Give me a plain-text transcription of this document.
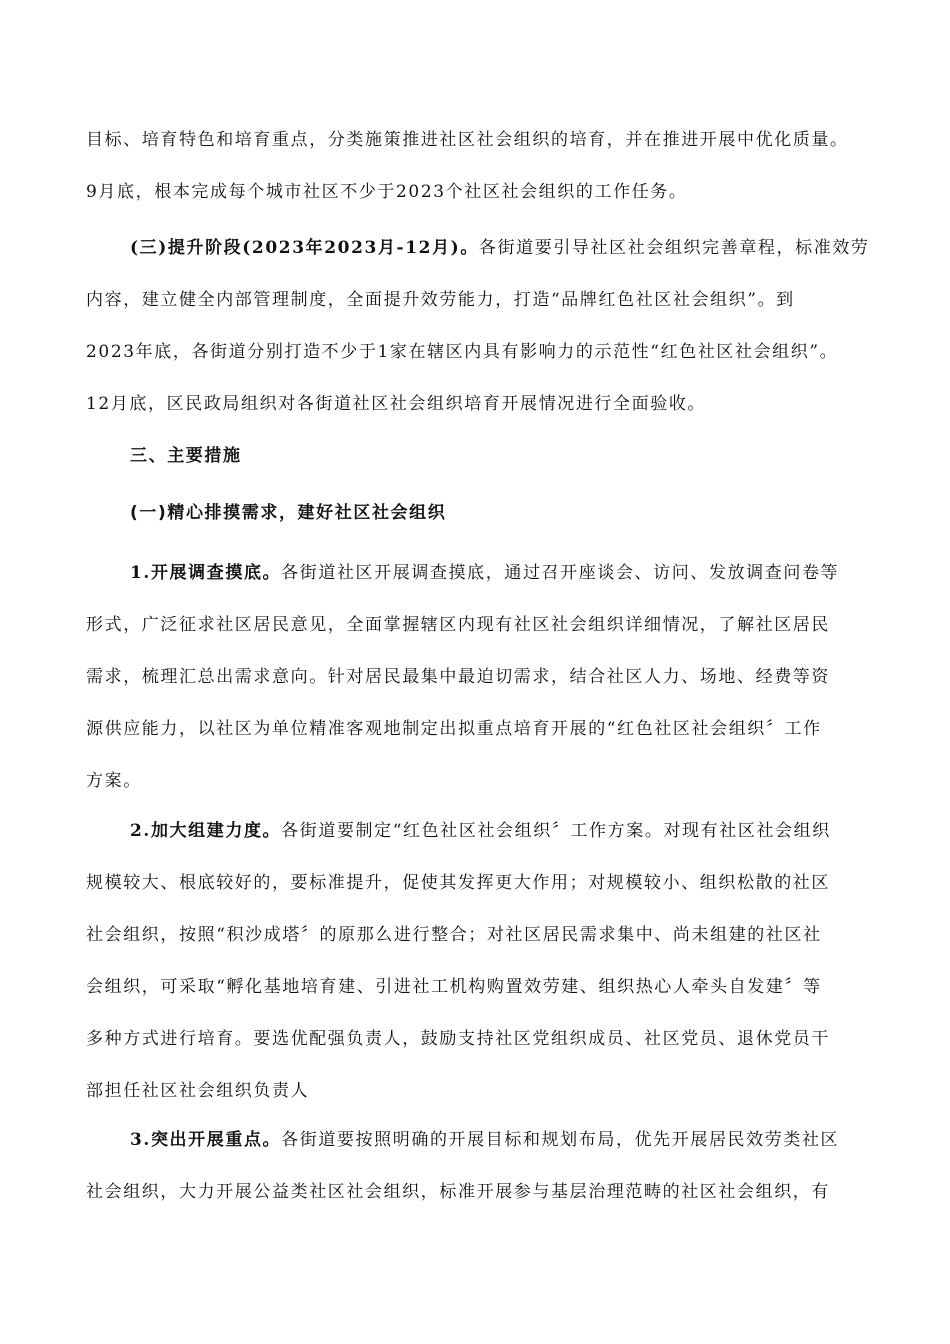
目标、培育特色和培育重点，分类施策推进社区社会组织的培育，并在推进开展中优化质量。
9月底，根本完成每个城市社区不少于2023个社区社会组织的工作任务。
(三)提升阶段(2023年2023月-12月)。各街道要引导社区社会组织完善章程，标准效劳
内容，建立健全内部管理制度，全面提升效劳能力，打造“品牌红色社区社会组织”。到
2023年底，各街道分别打造不少于1家在辖区内具有影响力的示范性“红色社区社会组织”。
12月底，区民政局组织对各街道社区社会组织培育开展情况进行全面验收。
三、主要措施
(一)精心排摸需求，建好社区社会组织
1.开展调查摸底。各街道社区开展调查摸底，通过召开座谈会、访问、发放调查问卷等
形式，广泛征求社区居民意见，全面掌握辖区内现有社区社会组织详细情况，了解社区居民
需求，梳理汇总出需求意向。针对居民最集中最迫切需求，结合社区人力、场地、经费等资
源供应能力，以社区为单位精准客观地制定出拟重点培育开展的“红色社区社会组织〞工作
方案。
2.加大组建力度。各街道要制定“红色社区社会组织〞工作方案。对现有社区社会组织
规模较大、根底较好的，要标准提升，促使其发挥更大作用；对规模较小、组织松散的社区
社会组织，按照“积沙成塔〞的原那么进行整合；对社区居民需求集中、尚未组建的社区社
会组织，可采取“孵化基地培育建、引进社工机构购置效劳建、组织热心人牵头自发建〞等
多种方式进行培育。要选优配强负责人，鼓励支持社区党组织成员、社区党员、退休党员干
部担任社区社会组织负责人
3.突出开展重点。各街道要按照明确的开展目标和规划布局，优先开展居民效劳类社区
社会组织，大力开展公益类社区社会组织，标准开展参与基层治理范畴的社区社会组织，有
